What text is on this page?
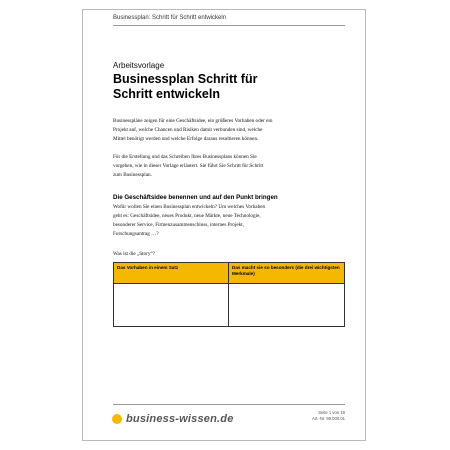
Businessplan: Schritt für Schritt entwickeln
Arbeitsvorlage
Businessplan Schritt für
Schritt entwickeln

Businesspläne zeigen für eine Geschäftsidee, ein größeres Vorhaben oder ein
Projekt auf, welche Chancen und Risiken damit verbunden sind, welche
Mittel benötigt werden und welche Erfolge daraus resultieren können.

Für die Erstellung und das Schreiben Ihres Businessplans können Sie
vorgehen, wie in dieser Vorlage erläutert. Sie führt Sie Schritt für Schritt
zum Businessplan.

Die Geschäftsidee benennen und auf den Punkt bringen

Wofür wollen Sie einen Businessplan entwickeln? Um welches Vorhaben
geht es: Geschäftsidee, neues Produkt, neue Märkte, neue Technologie,
besonderer Service, Firmenzusammenschluss, internes Projekt,
Forschungsantrag …?

Was ist die „Story“?

Das Vorhaben in einem Satz	Das macht sie so besonders (die drei wichtigsten Merkmale)
business-wissen.de
Seite 1 von 18
Art.-Nr. 99.000.01
